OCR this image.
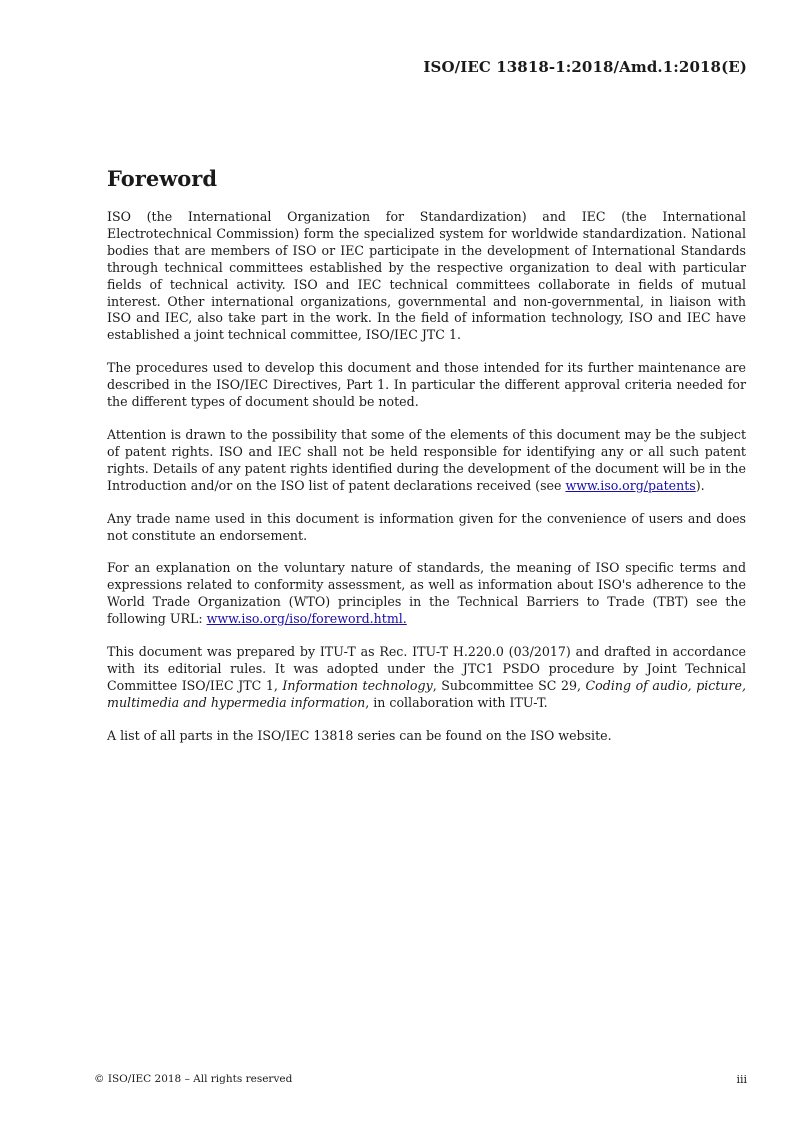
ISO/IEC 13818-1:2018/Amd.1:2018(E)
Foreword

ISO (the International Organization for Standardization) and IEC (the International Electrotechnical Commission) form the specialized system for worldwide standardization. National bodies that are members of ISO or IEC participate in the development of International Standards through technical committees established by the respective organization to deal with particular fields of technical activity. ISO and IEC technical committees collaborate in fields of mutual interest. Other international organizations, governmental and non-governmental, in liaison with ISO and IEC, also take part in the work. In the field of information technology, ISO and IEC have established a joint technical committee, ISO/IEC JTC 1.

The procedures used to develop this document and those intended for its further maintenance are described in the ISO/IEC Directives, Part 1. In particular the different approval criteria needed for the different types of document should be noted.

Attention is drawn to the possibility that some of the elements of this document may be the subject of patent rights. ISO and IEC shall not be held responsible for identifying any or all such patent rights. Details of any patent rights identified during the development of the document will be in the Introduction and/or on the ISO list of patent declarations received (see www.iso.org/patents).

Any trade name used in this document is information given for the convenience of users and does not constitute an endorsement.

For an explanation on the voluntary nature of standards, the meaning of ISO specific terms and expressions related to conformity assessment, as well as information about ISO's adherence to the World Trade Organization (WTO) principles in the Technical Barriers to Trade (TBT) see the following URL: www.iso.org/iso/foreword.html.

This document was prepared by ITU-T as Rec. ITU-T H.220.0 (03/2017) and drafted in accordance with its editorial rules. It was adopted under the JTC1 PSDO procedure by Joint Technical Committee ISO/IEC JTC 1, Information technology, Subcommittee SC 29, Coding of audio, picture, multimedia and hypermedia information, in collaboration with ITU-T.

A list of all parts in the ISO/IEC 13818 series can be found on the ISO website.

© ISO/IEC 2018 – All rights reserved	iii
